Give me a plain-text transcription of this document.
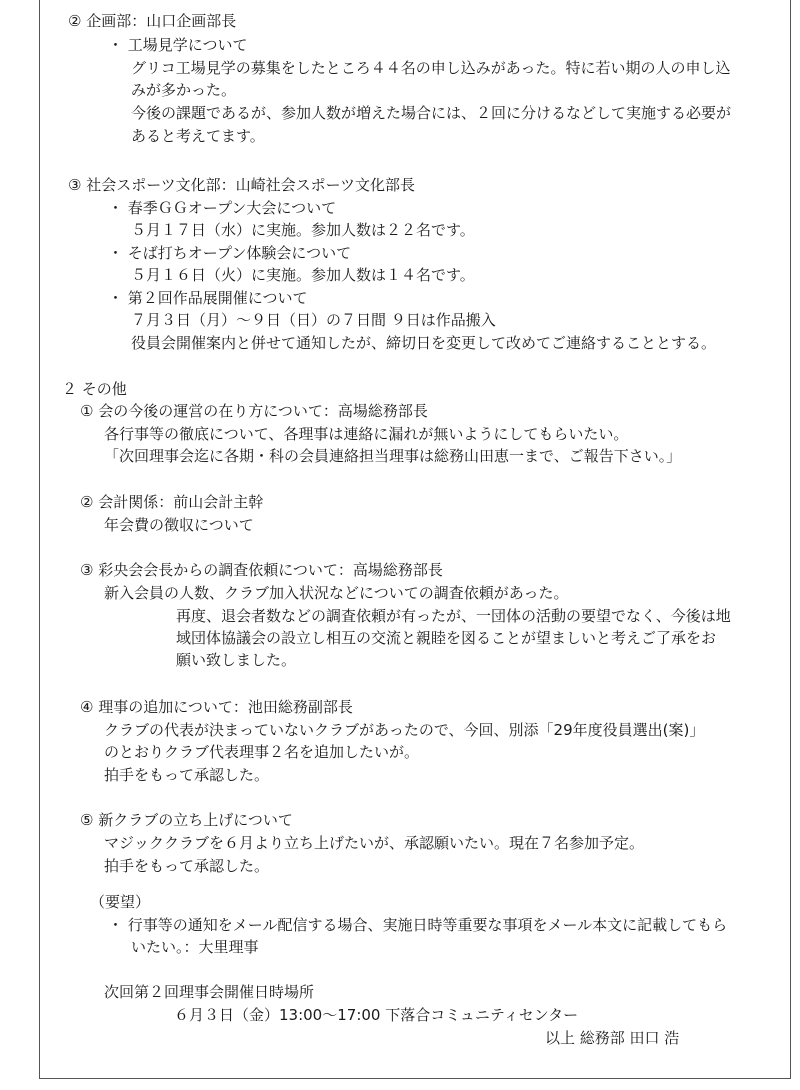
② 企画部：山口企画部長
・ 工場見学について
グリコ工場見学の募集をしたところ４４名の申し込みがあった。特に若い期の人の申し込
みが多かった。
今後の課題であるが、参加人数が増えた場合には、２回に分けるなどして実施する必要が
あると考えてます。
③ 社会スポーツ文化部：山崎社会スポーツ文化部長
・ 春季ＧＧオープン大会について
５月１７日（水）に実施。参加人数は２２名です。
・ そば打ちオープン体験会について
５月１６日（火）に実施。参加人数は１４名です。
・ 第２回作品展開催について
７月３日（月）～９日（日）の７日間 ９日は作品搬入
役員会開催案内と併せて通知したが、締切日を変更して改めてご連絡することとする。
２ その他
① 会の今後の運営の在り方について：高場総務部長
各行事等の徹底について、各理事は連絡に漏れが無いようにしてもらいたい。
「次回理事会迄に各期・科の会員連絡担当理事は総務山田恵一まで、ご報告下さい。」
② 会計関係：前山会計主幹
年会費の徴収について
③ 彩央会会長からの調査依頼について：高場総務部長
新入会員の人数、クラブ加入状況などについての調査依頼があった。
再度、退会者数などの調査依頼が有ったが、一団体の活動の要望でなく、今後は地
域団体協議会の設立し相互の交流と親睦を図ることが望ましいと考えご了承をお
願い致しました。
④ 理事の追加について：池田総務副部長
クラブの代表が決まっていないクラブがあったので、今回、別添「29年度役員選出(案)」
のとおりクラブ代表理事２名を追加したいが。
拍手をもって承認した。
⑤ 新クラブの立ち上げについて
マジッククラブを６月より立ち上げたいが、承認願いたい。現在７名参加予定。
拍手をもって承認した。
（要望）
・ 行事等の通知をメール配信する場合、実施日時等重要な事項をメール本文に記載してもら
いたい。：大里理事
次回第２回理事会開催日時場所
６月３日（金）13:00～17:00 下落合コミュニティセンター
以上 総務部 田口 浩
